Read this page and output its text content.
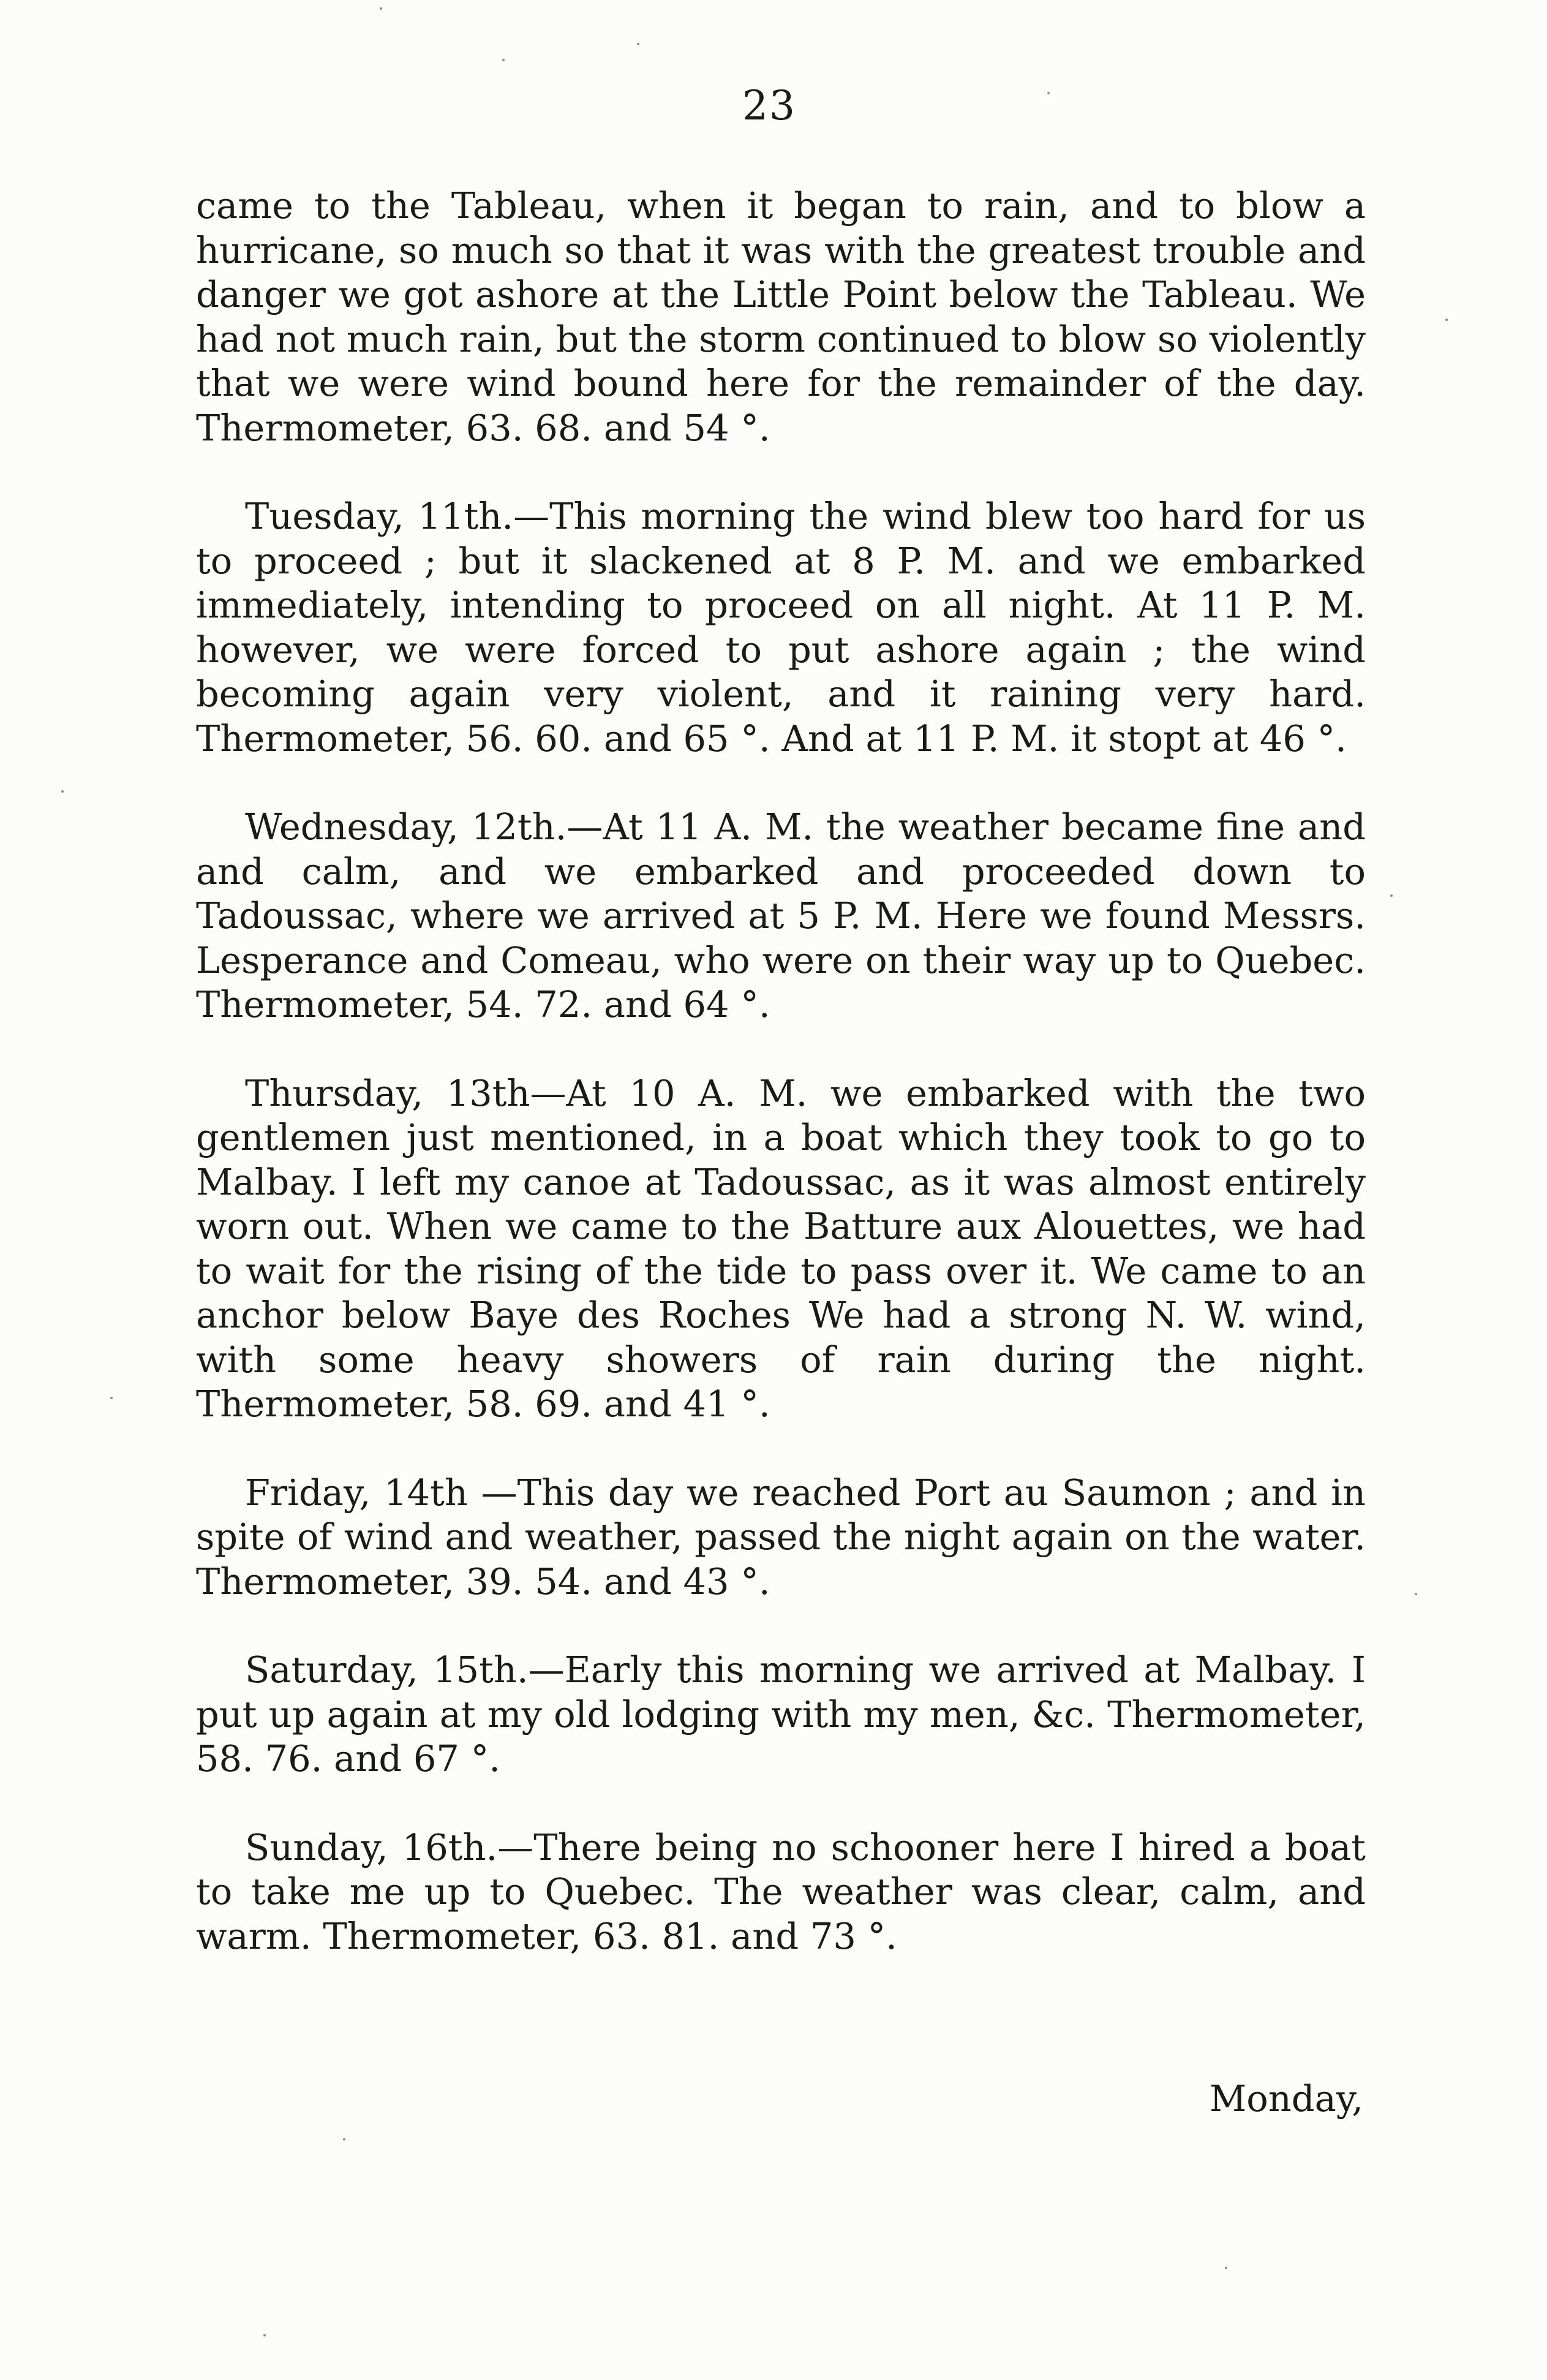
23

came to the Tableau, when it began to rain, and to blow a hurricane, so much so that it was with the greatest trouble and danger we got ashore at the Little Point below the Tableau. We had not much rain, but the storm continued to blow so violently that we were wind bound here for the remainder of the day. Thermometer, 63. 68. and 54 °.

Tuesday, 11th.—This morning the wind blew too hard for us to proceed ; but it slackened at 8 P. M. and we embarked immediately, intending to proceed on all night. At 11 P. M. however, we were forced to put ashore again ; the wind becoming again very violent, and it raining very hard. Thermometer, 56. 60. and 65 °. And at 11 P. M. it stopt at 46 °.

Wednesday, 12th.—At 11 A. M. the weather became fine and and calm, and we embarked and proceeded down to Tadoussac, where we arrived at 5 P. M. Here we found Messrs. Lesperance and Comeau, who were on their way up to Quebec. Thermometer, 54. 72. and 64 °.

Thursday, 13th—At 10 A. M. we embarked with the two gentlemen just mentioned, in a boat which they took to go to Malbay. I left my canoe at Tadoussac, as it was almost entirely worn out. When we came to the Batture aux Alouettes, we had to wait for the rising of the tide to pass over it. We came to an anchor below Baye des Roches We had a strong N. W. wind, with some heavy showers of rain during the night. Thermometer, 58. 69. and 41 °.

Friday, 14th —This day we reached Port au Saumon ; and in spite of wind and weather, passed the night again on the water. Thermometer, 39. 54. and 43 °.

Saturday, 15th.—Early this morning we arrived at Malbay. I put up again at my old lodging with my men, &c. Thermometer, 58. 76. and 67 °.

Sunday, 16th.—There being no schooner here I hired a boat to take me up to Quebec. The weather was clear, calm, and warm. Thermometer, 63. 81. and 73 °.

Monday,
